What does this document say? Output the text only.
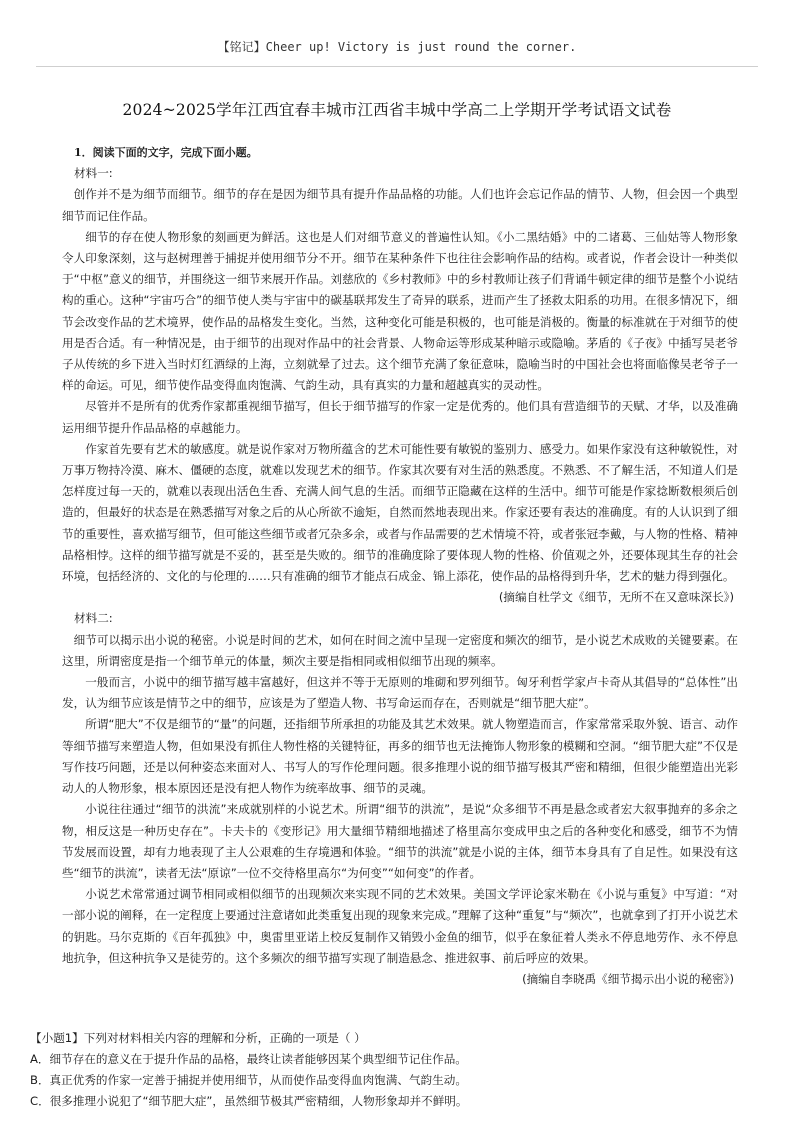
【铭记】Cheer up! Victory is just round the corner.
2024~2025学年江西宜春丰城市江西省丰城中学高二上学期开学考试语文试卷

1．阅读下面的文字，完成下面小题。

材料一:

创作并不是为细节而细节。细节的存在是因为细节具有提升作品品格的功能。人们也许会忘记作品的情节、人物，但会因一个典型细节而记住作品。

细节的存在使人物形象的刻画更为鲜活。这也是人们对细节意义的普遍性认知。《小二黑结婚》中的二诸葛、三仙姑等人物形象令人印象深刻，这与赵树理善于捕捉并使用细节分不开。细节在某种条件下也往往会影响作品的结构。或者说，作者会设计一种类似于“中枢”意义的细节，并围绕这一细节来展开作品。刘慈欣的《乡村教师》中的乡村教师让孩子们背诵牛顿定律的细节是整个小说结构的重心。这种“宇宙巧合”的细节使人类与宇宙中的碳基联邦发生了奇异的联系，进而产生了拯救太阳系的功用。在很多情况下，细节会改变作品的艺术境界，使作品的品格发生变化。当然，这种变化可能是积极的，也可能是消极的。衡量的标准就在于对细节的使用是否合适。有一种情况是，由于细节的出现对作品中的社会背景、人物命运等形成某种暗示或隐喻。茅盾的《子夜》中插写吴老爷子从传统的乡下进入当时灯红酒绿的上海，立刻就晕了过去。这个细节充满了象征意味，隐喻当时的中国社会也将面临像吴老爷子一样的命运。可见，细节使作品变得血肉饱满、气韵生动，具有真实的力量和超越真实的灵动性。

尽管并不是所有的优秀作家都重视细节描写，但长于细节描写的作家一定是优秀的。他们具有营造细节的天赋、才华，以及准确运用细节提升作品品格的卓越能力。

作家首先要有艺术的敏感度。就是说作家对万物所蕴含的艺术可能性要有敏锐的鉴别力、感受力。如果作家没有这种敏锐性，对万事万物持冷漠、麻木、僵硬的态度，就难以发现艺术的细节。作家其次要有对生活的熟悉度。不熟悉、不了解生活，不知道人们是怎样度过每一天的，就难以表现出活色生香、充满人间气息的生活。而细节正隐藏在这样的生活中。细节可能是作家捻断数根须后创造的，但最好的状态是在熟悉描写对象之后的从心所欲不逾矩，自然而然地表现出来。作家还要有表达的准确度。有的人认识到了细节的重要性，喜欢描写细节，但可能这些细节或者冗杂多余，或者与作品需要的艺术情境不符，或者张冠李戴，与人物的性格、精神品格相悖。这样的细节描写就是不妥的，甚至是失败的。细节的准确度除了要体现人物的性格、价值观之外，还要体现其生存的社会环境，包括经济的、文化的与伦理的……只有准确的细节才能点石成金、锦上添花，使作品的品格得到升华，艺术的魅力得到强化。

(摘编自杜学文《细节，无所不在又意味深长》)

材料二:

细节可以揭示出小说的秘密。小说是时间的艺术，如何在时间之流中呈现一定密度和频次的细节，是小说艺术成败的关键要素。在这里，所谓密度是指一个细节单元的体量，频次主要是指相同或相似细节出现的频率。

一般而言，小说中的细节描写越丰富越好，但这并不等于无原则的堆砌和罗列细节。匈牙利哲学家卢卡奇从其倡导的“总体性”出发，认为细节应该是情节之中的细节，应该是为了塑造人物、书写命运而存在，否则就是“细节肥大症”。

所谓“肥大”不仅是细节的“量”的问题，还指细节所承担的功能及其艺术效果。就人物塑造而言，作家常常采取外貌、语言、动作等细节描写来塑造人物，但如果没有抓住人物性格的关键特征，再多的细节也无法掩饰人物形象的模糊和空洞。“细节肥大症”不仅是写作技巧问题，还是以何种姿态来面对人、书写人的写作伦理问题。很多推理小说的细节描写极其严密和精细，但很少能塑造出光彩动人的人物形象，根本原因还是没有把人物作为统率故事、细节的灵魂。

小说往往通过“细节的洪流”来成就别样的小说艺术。所谓“细节的洪流”，是说“众多细节不再是悬念或者宏大叙事抛弃的多余之物，相反这是一种历史存在”。卡夫卡的《变形记》用大量细节精细地描述了格里高尔变成甲虫之后的各种变化和感受，细节不为情节发展而设置，却有力地表现了主人公艰难的生存境遇和体验。“细节的洪流”就是小说的主体，细节本身具有了自足性。如果没有这些“细节的洪流”，读者无法“原谅”一位不交待格里高尔“为何变”“如何变”的作者。

小说艺术常常通过调节相同或相似细节的出现频次来实现不同的艺术效果。美国文学评论家米勒在《小说与重复》中写道：“对一部小说的阐释，在一定程度上要通过注意诸如此类重复出现的现象来完成。”理解了这种“重复”与“频次”，也就拿到了打开小说艺术的钥匙。马尔克斯的《百年孤独》中，奥雷里亚诺上校反复制作又销毁小金鱼的细节，似乎在象征着人类永不停息地劳作、永不停息地抗争，但这种抗争又是徒劳的。这个多频次的细节描写实现了制造悬念、推进叙事、前后呼应的效果。

(摘编自李晓禹《细节揭示出小说的秘密》)

【小题1】下列对材料相关内容的理解和分析，正确的一项是（ ）

A．细节存在的意义在于提升作品的品格，最终让读者能够因某个典型细节记住作品。

B．真正优秀的作家一定善于捕捉并使用细节，从而使作品变得血肉饱满、气韵生动。

C．很多推理小说犯了“细节肥大症”，虽然细节极其严密精细，人物形象却并不鲜明。
